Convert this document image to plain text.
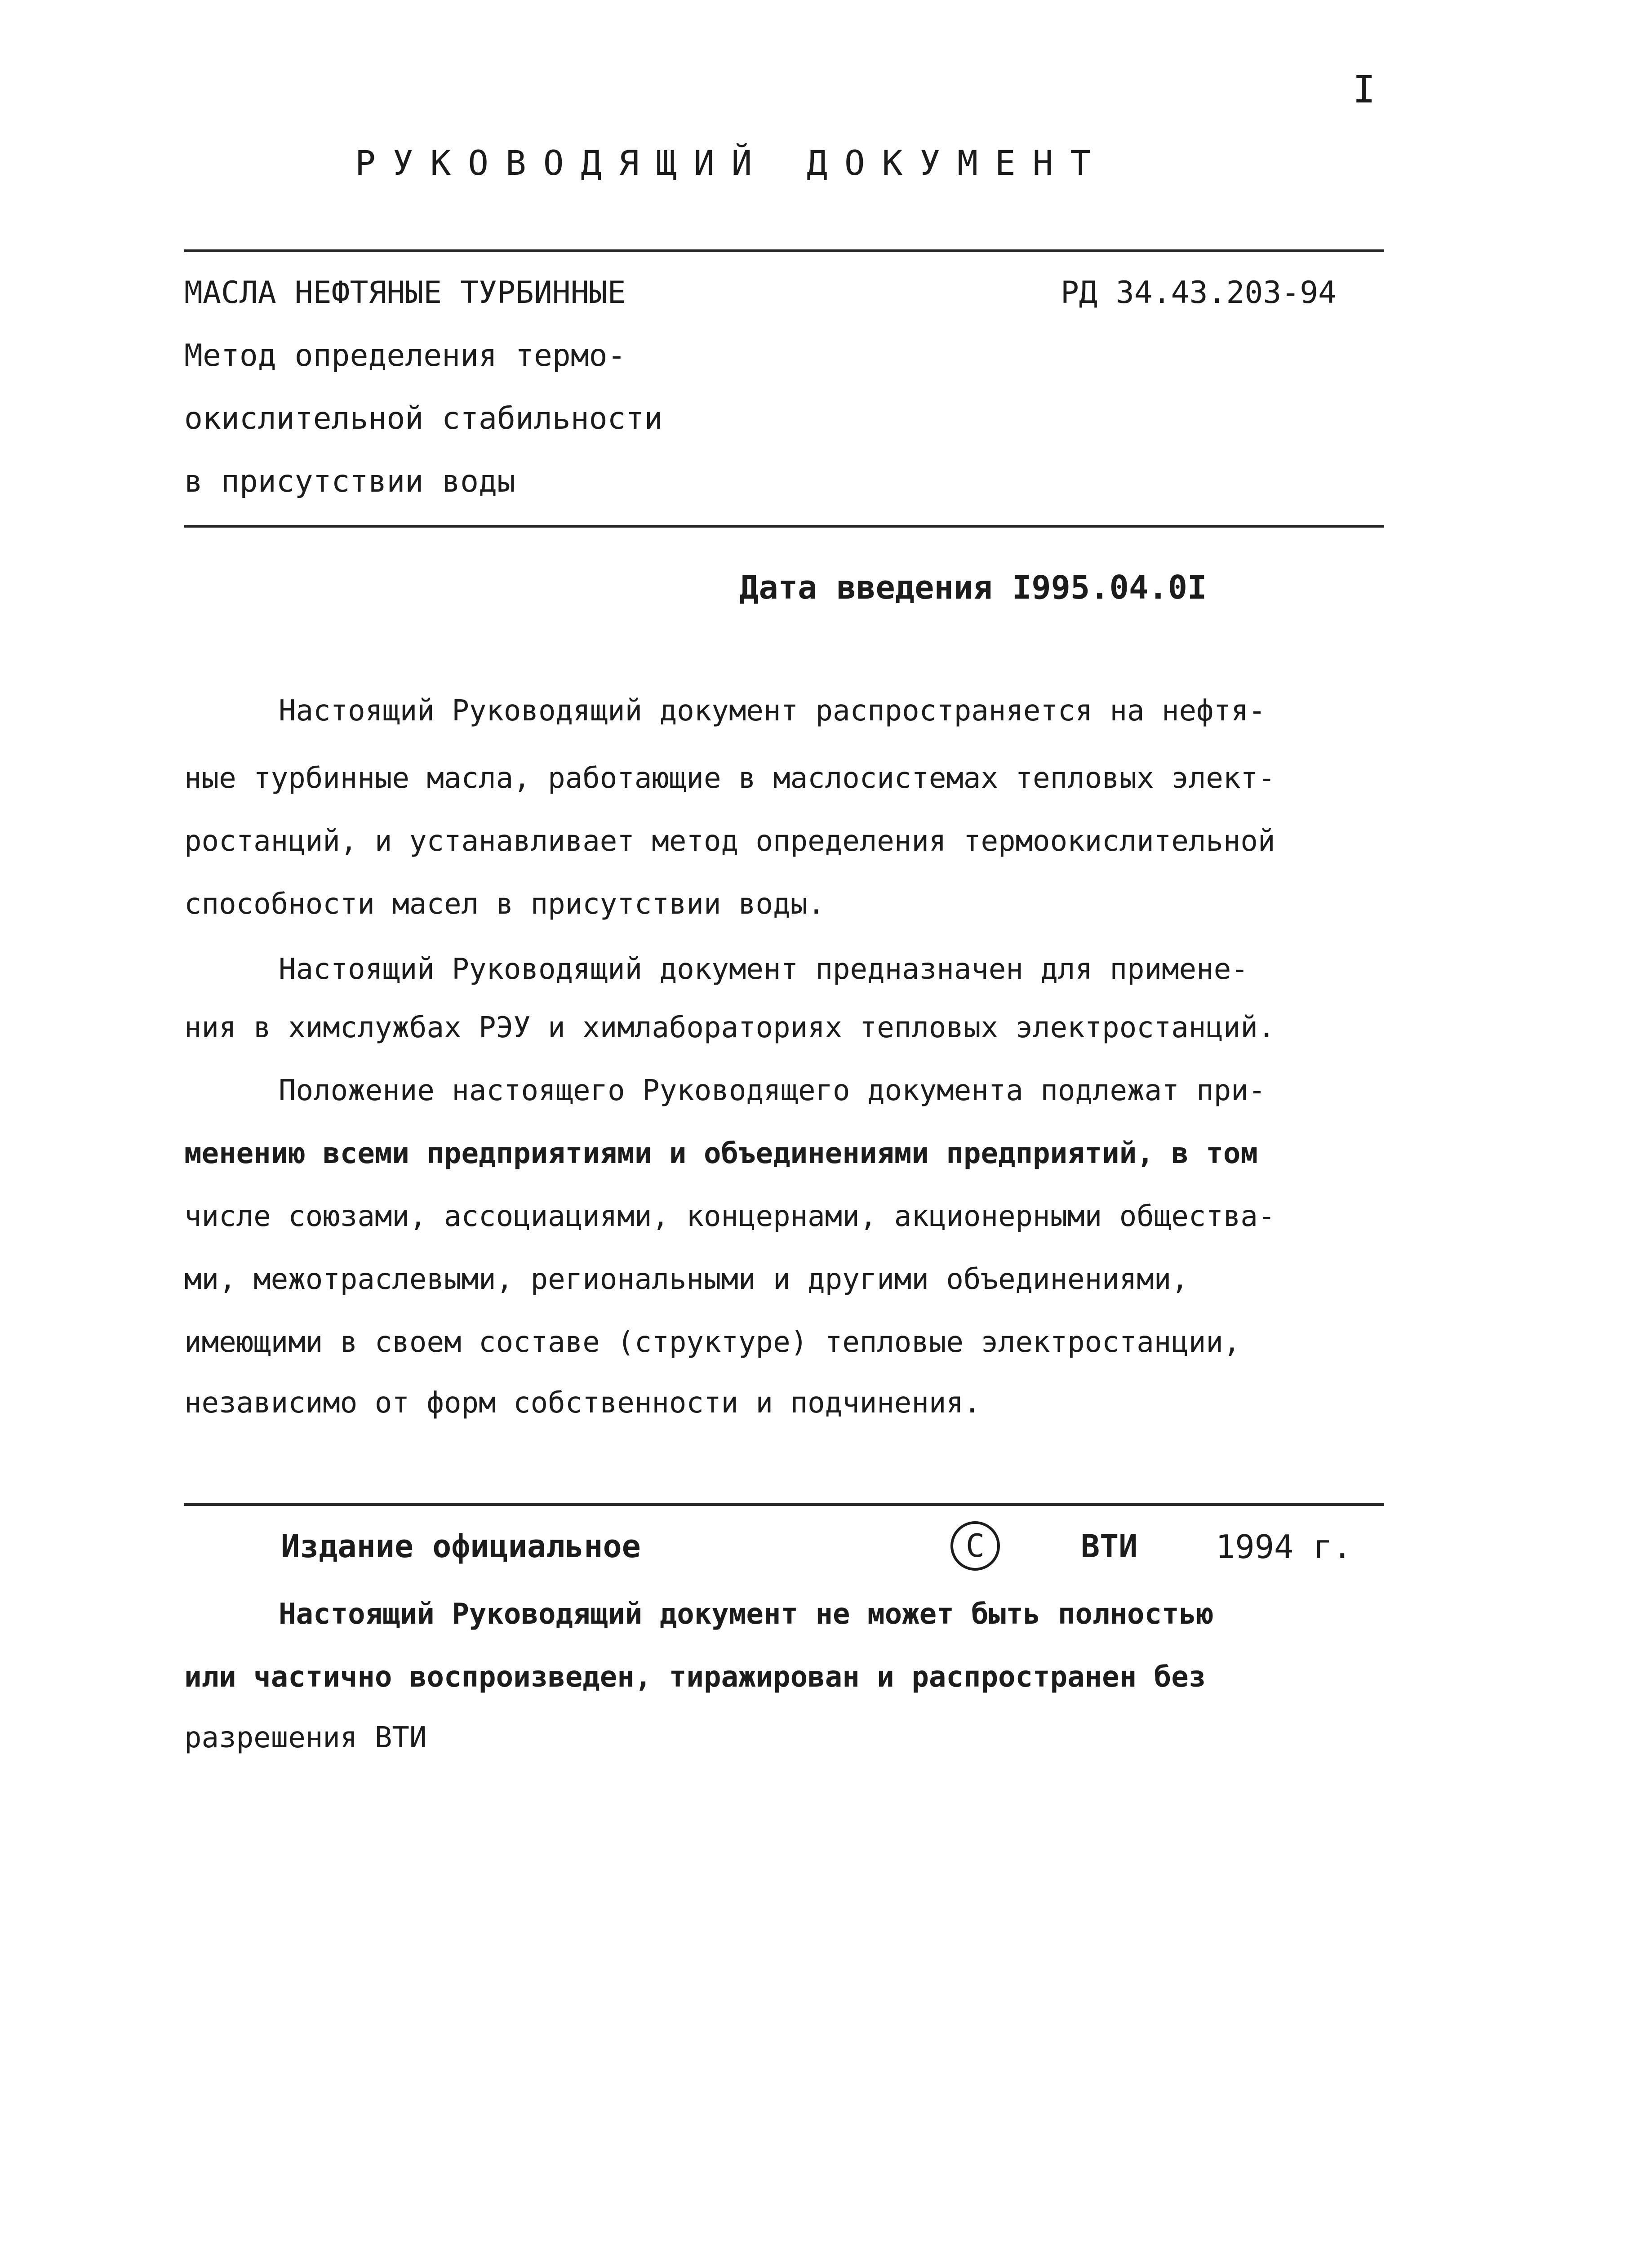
I
РУКОВОДЯЩИЙ ДОКУМЕНТ
МАСЛА НЕФТЯНЫЕ ТУРБИННЫЕ
Метод определения термо-
окислительной стабильности
в присутствии воды
РД 34.43.203-94
Дата введения I995.04.0I
Настоящий Руководящий документ распространяется на нефтя-
ные турбинные масла, работающие в маслосистемах тепловых элект-
ростанций, и устанавливает метод определения термоокислительной
способности масел в присутствии воды.
Настоящий Руководящий документ предназначен для примене-
ния в химслужбах РЭУ и химлабораториях тепловых электростанций.
Положение настоящего Руководящего документа подлежат при-
менению всеми предприятиями и объединениями предприятий, в том
числе союзами, ассоциациями, концернами, акционерными обществa-
ми, межотраслевыми, региональными и другими объединениями,
имеющими в своем составе (структуре) тепловые электростанции,
независимо от форм собственности и подчинения.
Издание официальное	С	ВТИ 1994 г.
Настоящий Руководящий документ не может быть полностью
или частично воспроизведен, тиражирован и распространен без
разрешения ВТИ
